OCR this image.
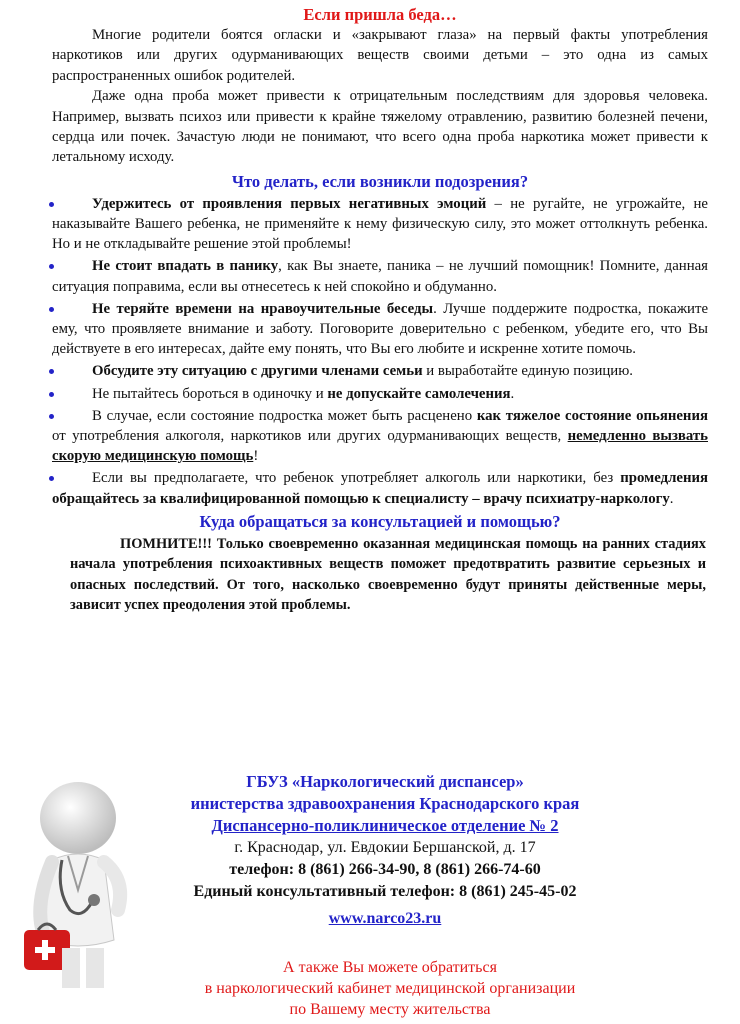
Если пришла беда…

Многие родители боятся огласки и «закрывают глаза» на первый факты употребления наркотиков или других одурманивающих веществ своими детьми – это одна из самых распространенных ошибок родителей.

Даже одна проба может привести к отрицательным последствиям для здоровья человека. Например, вызвать психоз или привести к крайне тяжелому отравлению, развитию болезней печени, сердца или почек. Зачастую люди не понимают, что всего одна проба наркотика может привести к летальному исходу.

Что делать, если возникли подозрения?
Удержитесь от проявления первых негативных эмоций – не ругайте, не угрожайте, не наказывайте Вашего ребенка, не применяйте к нему физическую силу, это может оттолкнуть ребенка. Но и не откладывайте решение этой проблемы!
Не стоит впадать в панику, как Вы знаете, паника – не лучший помощник! Помните, данная ситуация поправима, если вы отнесетесь к ней спокойно и обдуманно.
Не теряйте времени на нравоучительные беседы. Лучше поддержите подростка, покажите ему, что проявляете внимание и заботу. Поговорите доверительно с ребенком, убедите его, что Вы действуете в его интересах, дайте ему понять, что Вы его любите и искренне хотите помочь.
Обсудите эту ситуацию с другими членами семьи и выработайте единую позицию.
Не пытайтесь бороться в одиночку и не допускайте самолечения.
В случае, если состояние подростка может быть расценено как тяжелое состояние опьянения от употребления алкоголя, наркотиков или других одурманивающих веществ, немедленно вызвать скорую медицинскую помощь!
Если вы предполагаете, что ребенок употребляет алкоголь или наркотики, без промедления обращайтесь за квалифицированной помощью к специалисту – врачу психиатру-наркологу.
Куда обращаться за консультацией и помощью?

ПОМНИТЕ!!! Только своевременно оказанная медицинская помощь на ранних стадиях начала употребления психоактивных веществ поможет предотвратить развитие серьезных и опасных последствий. От того, насколько своевременно будут приняты действенные меры, зависит успех преодоления этой проблемы.

ГБУЗ «Наркологический диспансер»
инистерства здравоохранения Краснодарского края
Диспансерно-поликлиническое отделение № 2
г. Краснодар, ул. Евдокии Бершанской, д. 17
телефон: 8 (861) 266-34-90, 8 (861) 266-74-60
Единый консультативный телефон: 8 (861) 245-45-02
www.narco23.ru
А также Вы можете обратиться
в наркологический кабинет медицинской организации
по Вашему месту жительства
